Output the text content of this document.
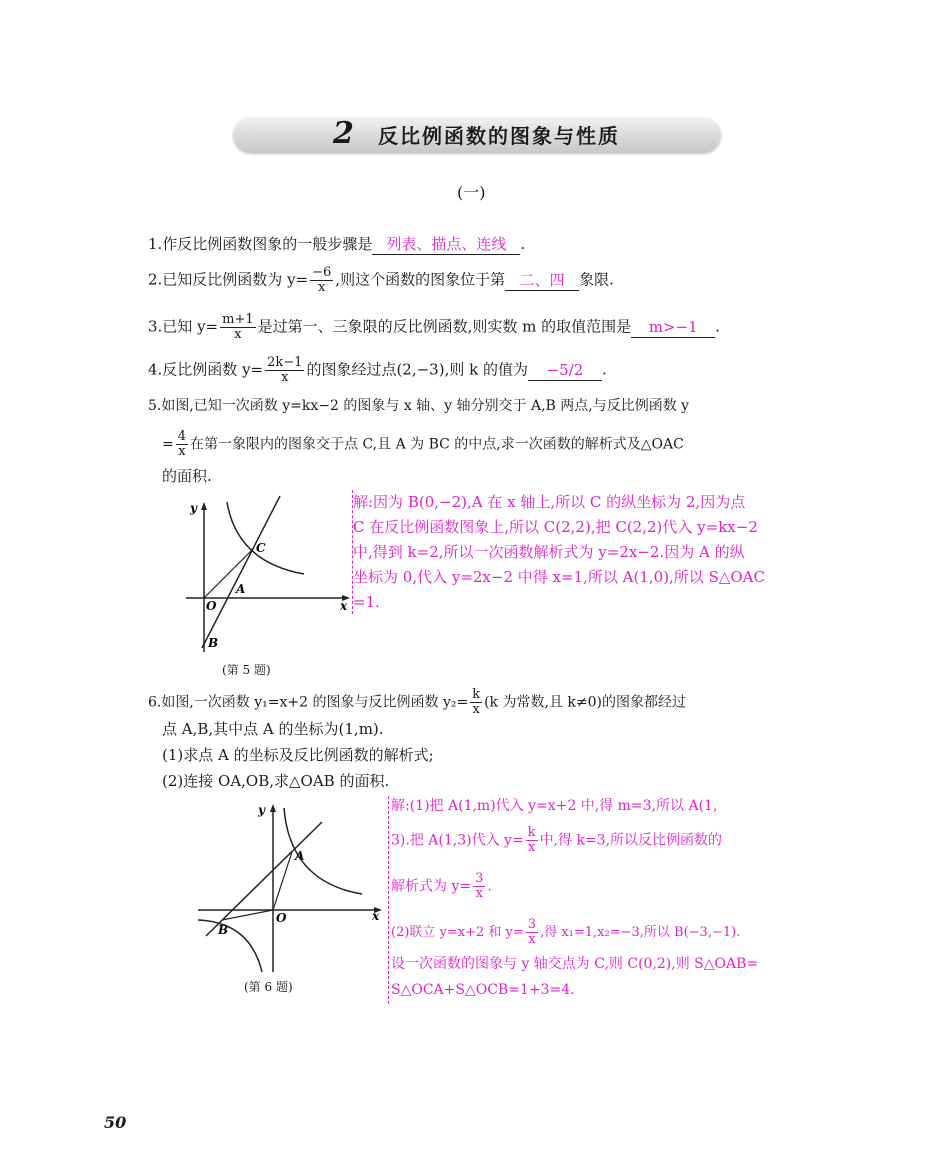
2 反比例函数的图象与性质
(一)
1.作反比例函数图象的一般步骤是 列表、描点、连线 .
2.已知反比例函数为 $y= \frac{-6}{x}$ ,则这个函数的图象位于第 二、四 象限.
3.已知 $y= \frac{m+1}{x}$ 是过第一、三象限的反比例函数,则实数 m 的取值范围是 m>−1 .
4.反比例函数 $y= \frac{2k-1}{x}$ 的图象经过点(2,−3),则 k 的值为 −5/2 .
5.如图,已知一次函数 y=kx−2 的图象与 x 轴、y 轴分别交于 A,B 两点,与反比例函数 y
= $\frac{4}{x}$ 在第一象限内的图象交于点 C,且 A 为 BC 的中点,求一次函数的解析式及△OAC
的面积.
y
x
O
A
B
C
(第 5 题)
解:因为 B(0,−2),A 在 x 轴上,所以 C 的纵坐标为 2,因为点
C 在反比例函数图象上,所以 C(2,2),把 C(2,2)代入 y=kx−2
中,得到 k=2,所以一次函数解析式为 y=2x−2.因为 A 的纵
坐标为 0,代入 y=2x−2 中得 x=1,所以 A(1,0),所以 S△OAC
=1.
6.如图,一次函数 y₁=x+2 的图象与反比例函数 $y_2= \frac{k}{x} (k$ 为常数,且 k≠0)的图象都经过
点 A,B,其中点 A 的坐标为(1,m).
(1)求点 A 的坐标及反比例函数的解析式;
(2)连接 OA,OB,求△OAB 的面积.
y
x
O
A
B
(第 6 题)
解:(1)把 A(1,m)代入 y=x+2 中,得 m=3,所以 A(1,
3).把 A(1,3)代入 $y= \frac{k}{x}$ 中,得 k=3,所以反比例函数的
解析式为 $y= \frac{3}{x}$ .
(2)联立 y=x+2 和 $y= \frac{3}{x}$ ,得 x₁=1,x₂=−3,所以 B(−3,−1).
设一次函数的图象与 y 轴交点为 C,则 C(0,2),则 S△OAB=
S△OCA+S△OCB=1+3=4.
50
